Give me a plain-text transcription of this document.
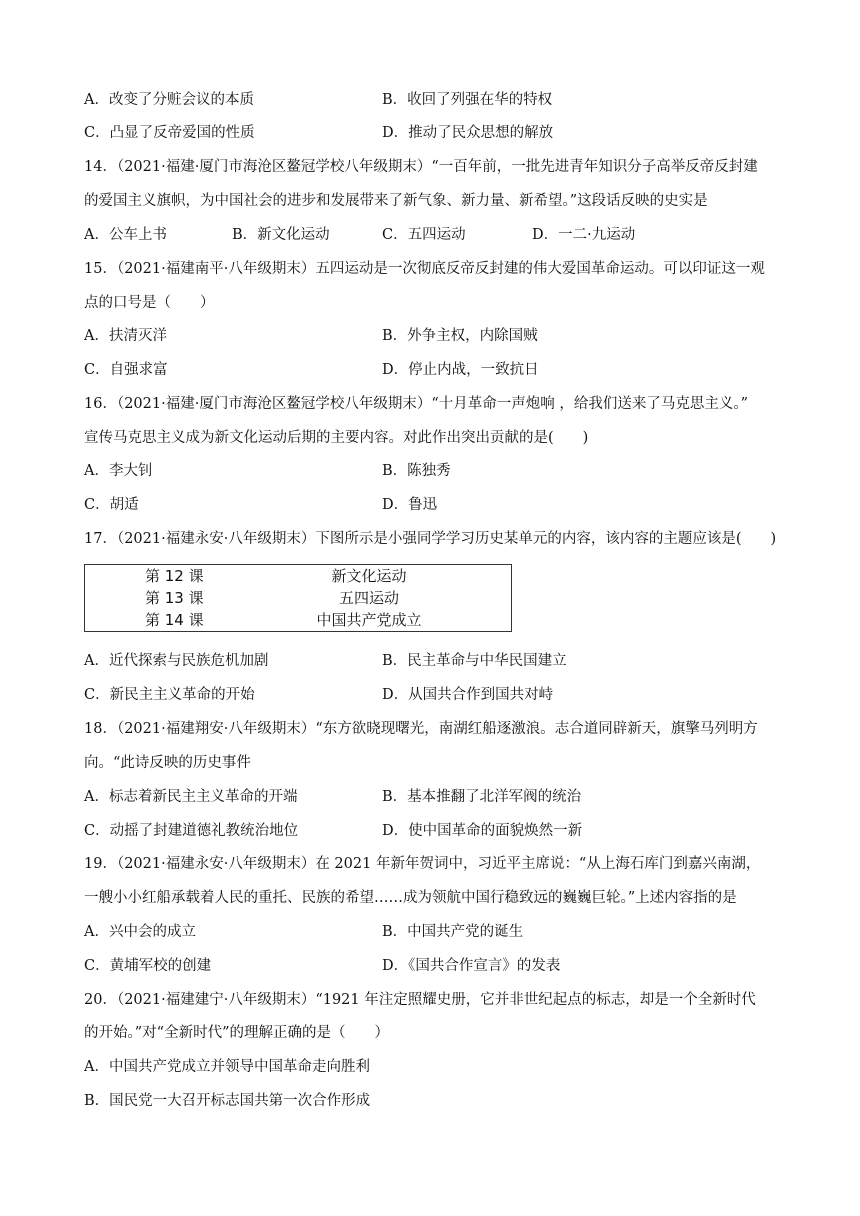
A．改变了分赃会议的本质	B．收回了列强在华的特权
C．凸显了反帝爱国的性质	D．推动了民众思想的解放
14．（2021·福建·厦门市海沧区鳌冠学校八年级期末）“一百年前，一批先进青年知识分子高举反帝反封建
的爱国主义旗帜，为中国社会的进步和发展带来了新气象、新力量、新希望。”这段话反映的史实是
A．公车上书	B．新文化运动	C．五四运动	D．一二·九运动
15．（2021·福建南平·八年级期末）五四运动是一次彻底反帝反封建的伟大爱国革命运动。可以印证这一观
点的口号是（　　）
A．扶清灭洋	B．外争主权，内除国贼
C．自强求富	D．停止内战，一致抗日
16．（2021·福建·厦门市海沧区鳌冠学校八年级期末）“十月革命一声炮响 ，给我们送来了马克思主义。”
宣传马克思主义成为新文化运动后期的主要内容。对此作出突出贡献的是(　　)
A．李大钊	B．陈独秀
C．胡适	D．鲁迅
17．（2021·福建永安·八年级期末）下图所示是小强同学学习历史某单元的内容，该内容的主题应该是(　　)
第 12 课	新文化运动
第 13 课	五四运动
第 14 课	中国共产党成立
A．近代探索与民族危机加剧	B．民主革命与中华民国建立
C．新民主主义革命的开始	D．从国共合作到国共对峙
18．（2021·福建翔安·八年级期末）“东方欲晓现曙光，南湖红船逐激浪。志合道同辟新天，旗擎马列明方
向。“此诗反映的历史事件
A．标志着新民主主义革命的开端	B．基本推翻了北洋军阀的统治
C．动摇了封建道德礼教统治地位	D．使中国革命的面貌焕然一新
19．（2021·福建永安·八年级期末）在 2021 年新年贺词中，习近平主席说：“从上海石库门到嘉兴南湖，
一艘小小红船承载着人民的重托、民族的希望……成为领航中国行稳致远的巍巍巨轮。”上述内容指的是
A．兴中会的成立	B．中国共产党的诞生
C．黄埔军校的创建	D．《国共合作宣言》的发表
20．（2021·福建建宁·八年级期末）“1921 年注定照耀史册，它并非世纪起点的标志，却是一个全新时代
的开始。”对“全新时代”的理解正确的是（　　）
A．中国共产党成立并领导中国革命走向胜利
B．国民党一大召开标志国共第一次合作形成
